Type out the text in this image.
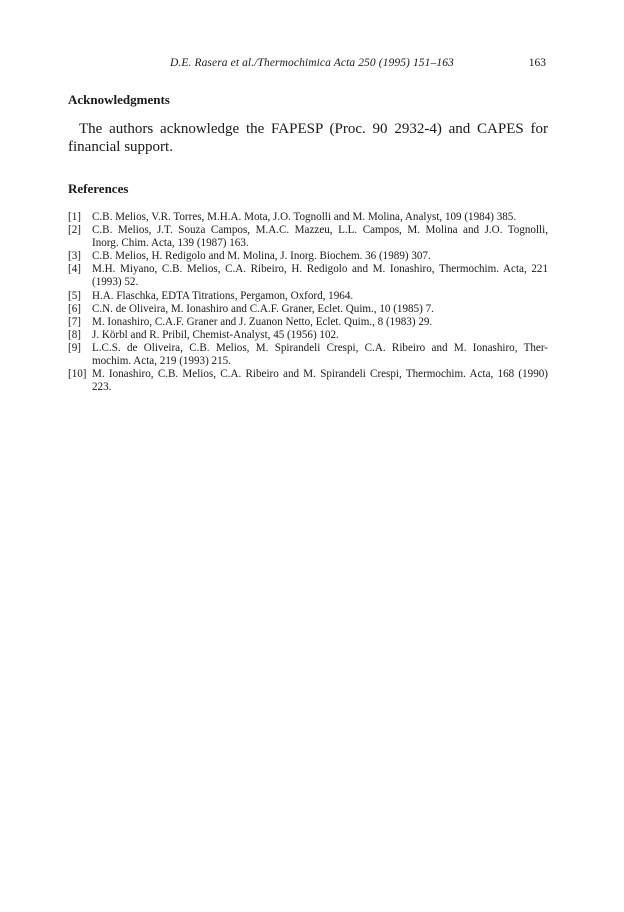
D.E. Rasera et al./Thermochimica Acta 250 (1995) 151–163	163
Acknowledgments

The authors acknowledge the FAPESP (Proc. 90 2932-4) and CAPES for
financial support.

References
[1] C.B. Melios, V.R. Torres, M.H.A. Mota, J.O. Tognolli and M. Molina, Analyst, 109 (1984) 385.
[2] C.B. Melios, J.T. Souza Campos, M.A.C. Mazzeu, L.L. Campos, M. Molina and J.O. Tognolli,
Inorg. Chim. Acta, 139 (1987) 163.
[3] C.B. Melios, H. Redigolo and M. Molina, J. Inorg. Biochem. 36 (1989) 307.
[4] M.H. Miyano, C.B. Melios, C.A. Ribeiro, H. Redigolo and M. Ionashiro, Thermochim. Acta, 221
(1993) 52.
[5] H.A. Flaschka, EDTA Titrations, Pergamon, Oxford, 1964.
[6] C.N. de Oliveira, M. Ionashiro and C.A.F. Graner, Eclet. Quim., 10 (1985) 7.
[7] M. Ionashiro, C.A.F. Graner and J. Zuanon Netto, Eclet. Quim., 8 (1983) 29.
[8] J. Körbl and R. Pribil, Chemist-Analyst, 45 (1956) 102.
[9] L.C.S. de Oliveira, C.B. Melios, M. Spirandeli Crespi, C.A. Ribeiro and M. Ionashiro, Ther-
mochim. Acta, 219 (1993) 215.
[10] M. Ionashiro, C.B. Melios, C.A. Ribeiro and M. Spirandeli Crespi, Thermochim. Acta, 168 (1990)
223.
